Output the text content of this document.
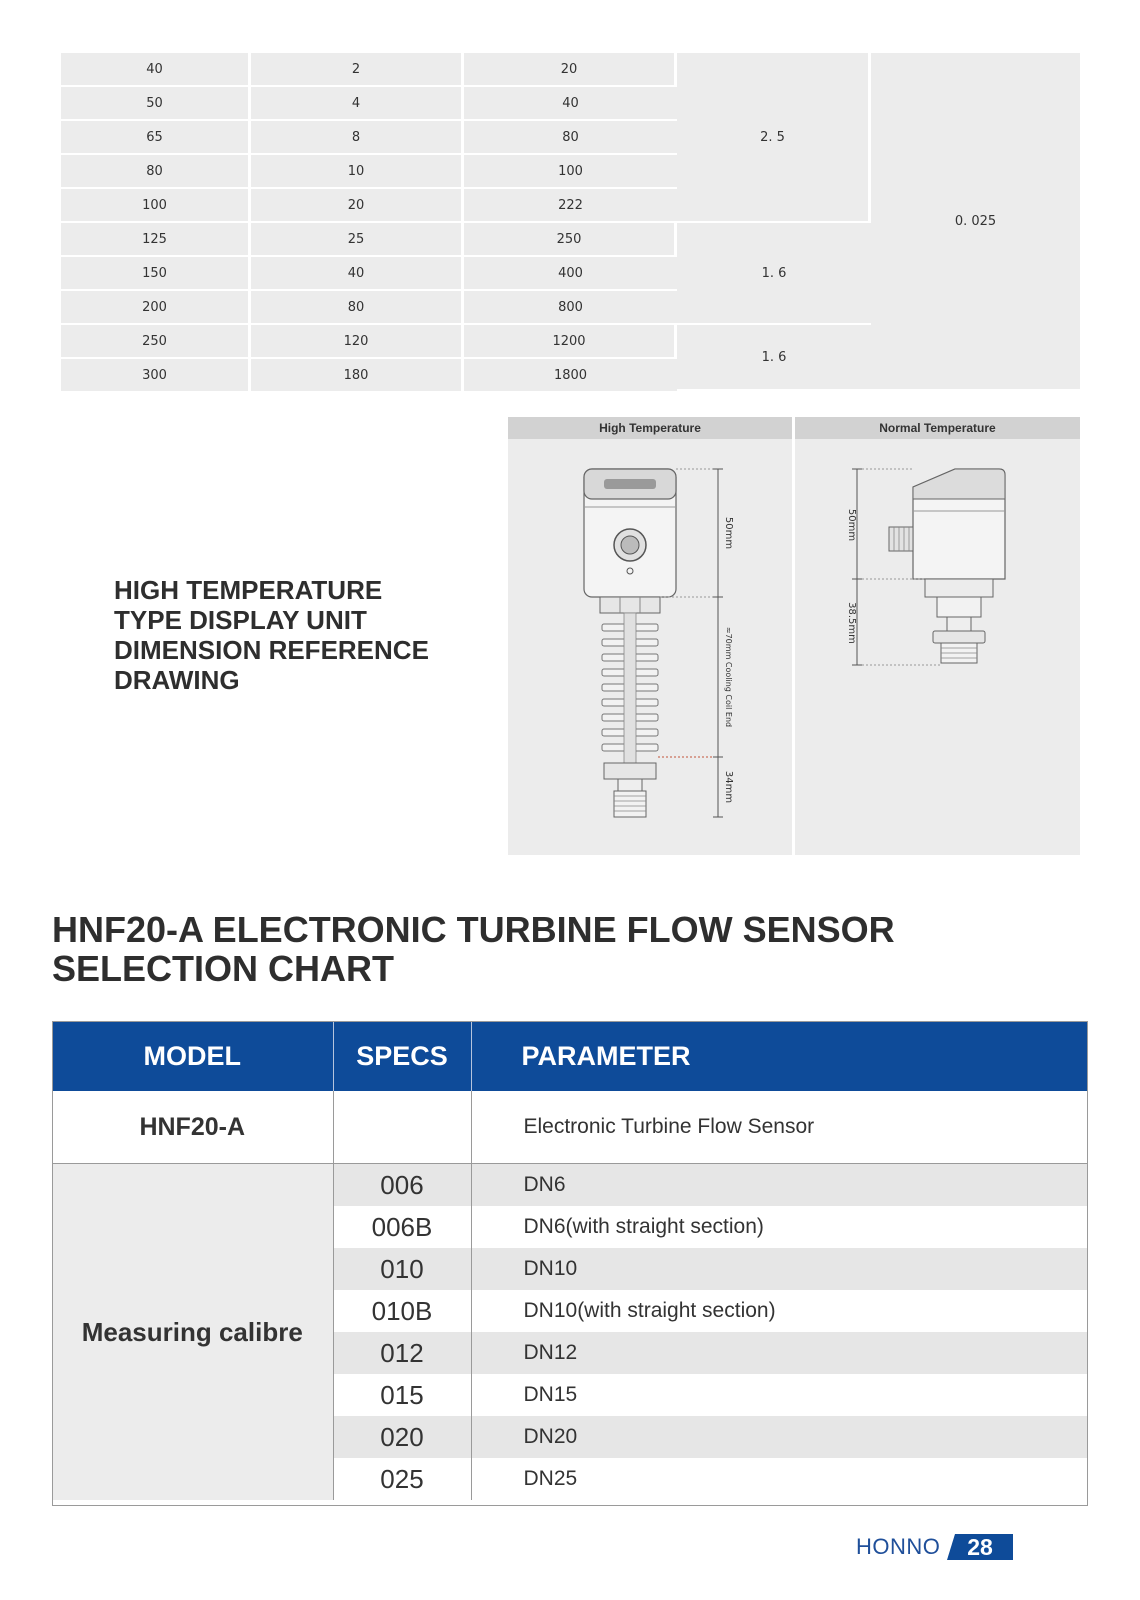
40	2	20	2. 5	0. 025
50	4	40		
65	8	80		
80	10	100		
100	20	222		
125	25	250	1. 6	
150	40	400		
200	80	800		
250	120	1200	1. 6	
300	180	1800		
HIGH TEMPERATURE
TYPE DISPLAY UNIT
DIMENSION REFERENCE
DRAWING
High Temperature
50mm
≈70mm Cooling Coil End
34mm
Normal Temperature
50mm
38.5mm
HNF20-A ELECTRONIC TURBINE FLOW SENSOR
SELECTION CHART
MODEL	SPECS	PARAMETER
HNF20-A		Electronic Turbine Flow Sensor
Measuring calibre	006	DN6
	006B	DN6(with straight section)
	010	DN10
	010B	DN10(with straight section)
	012	DN12
	015	DN15
	020	DN20
	025	DN25
HONNO	28
